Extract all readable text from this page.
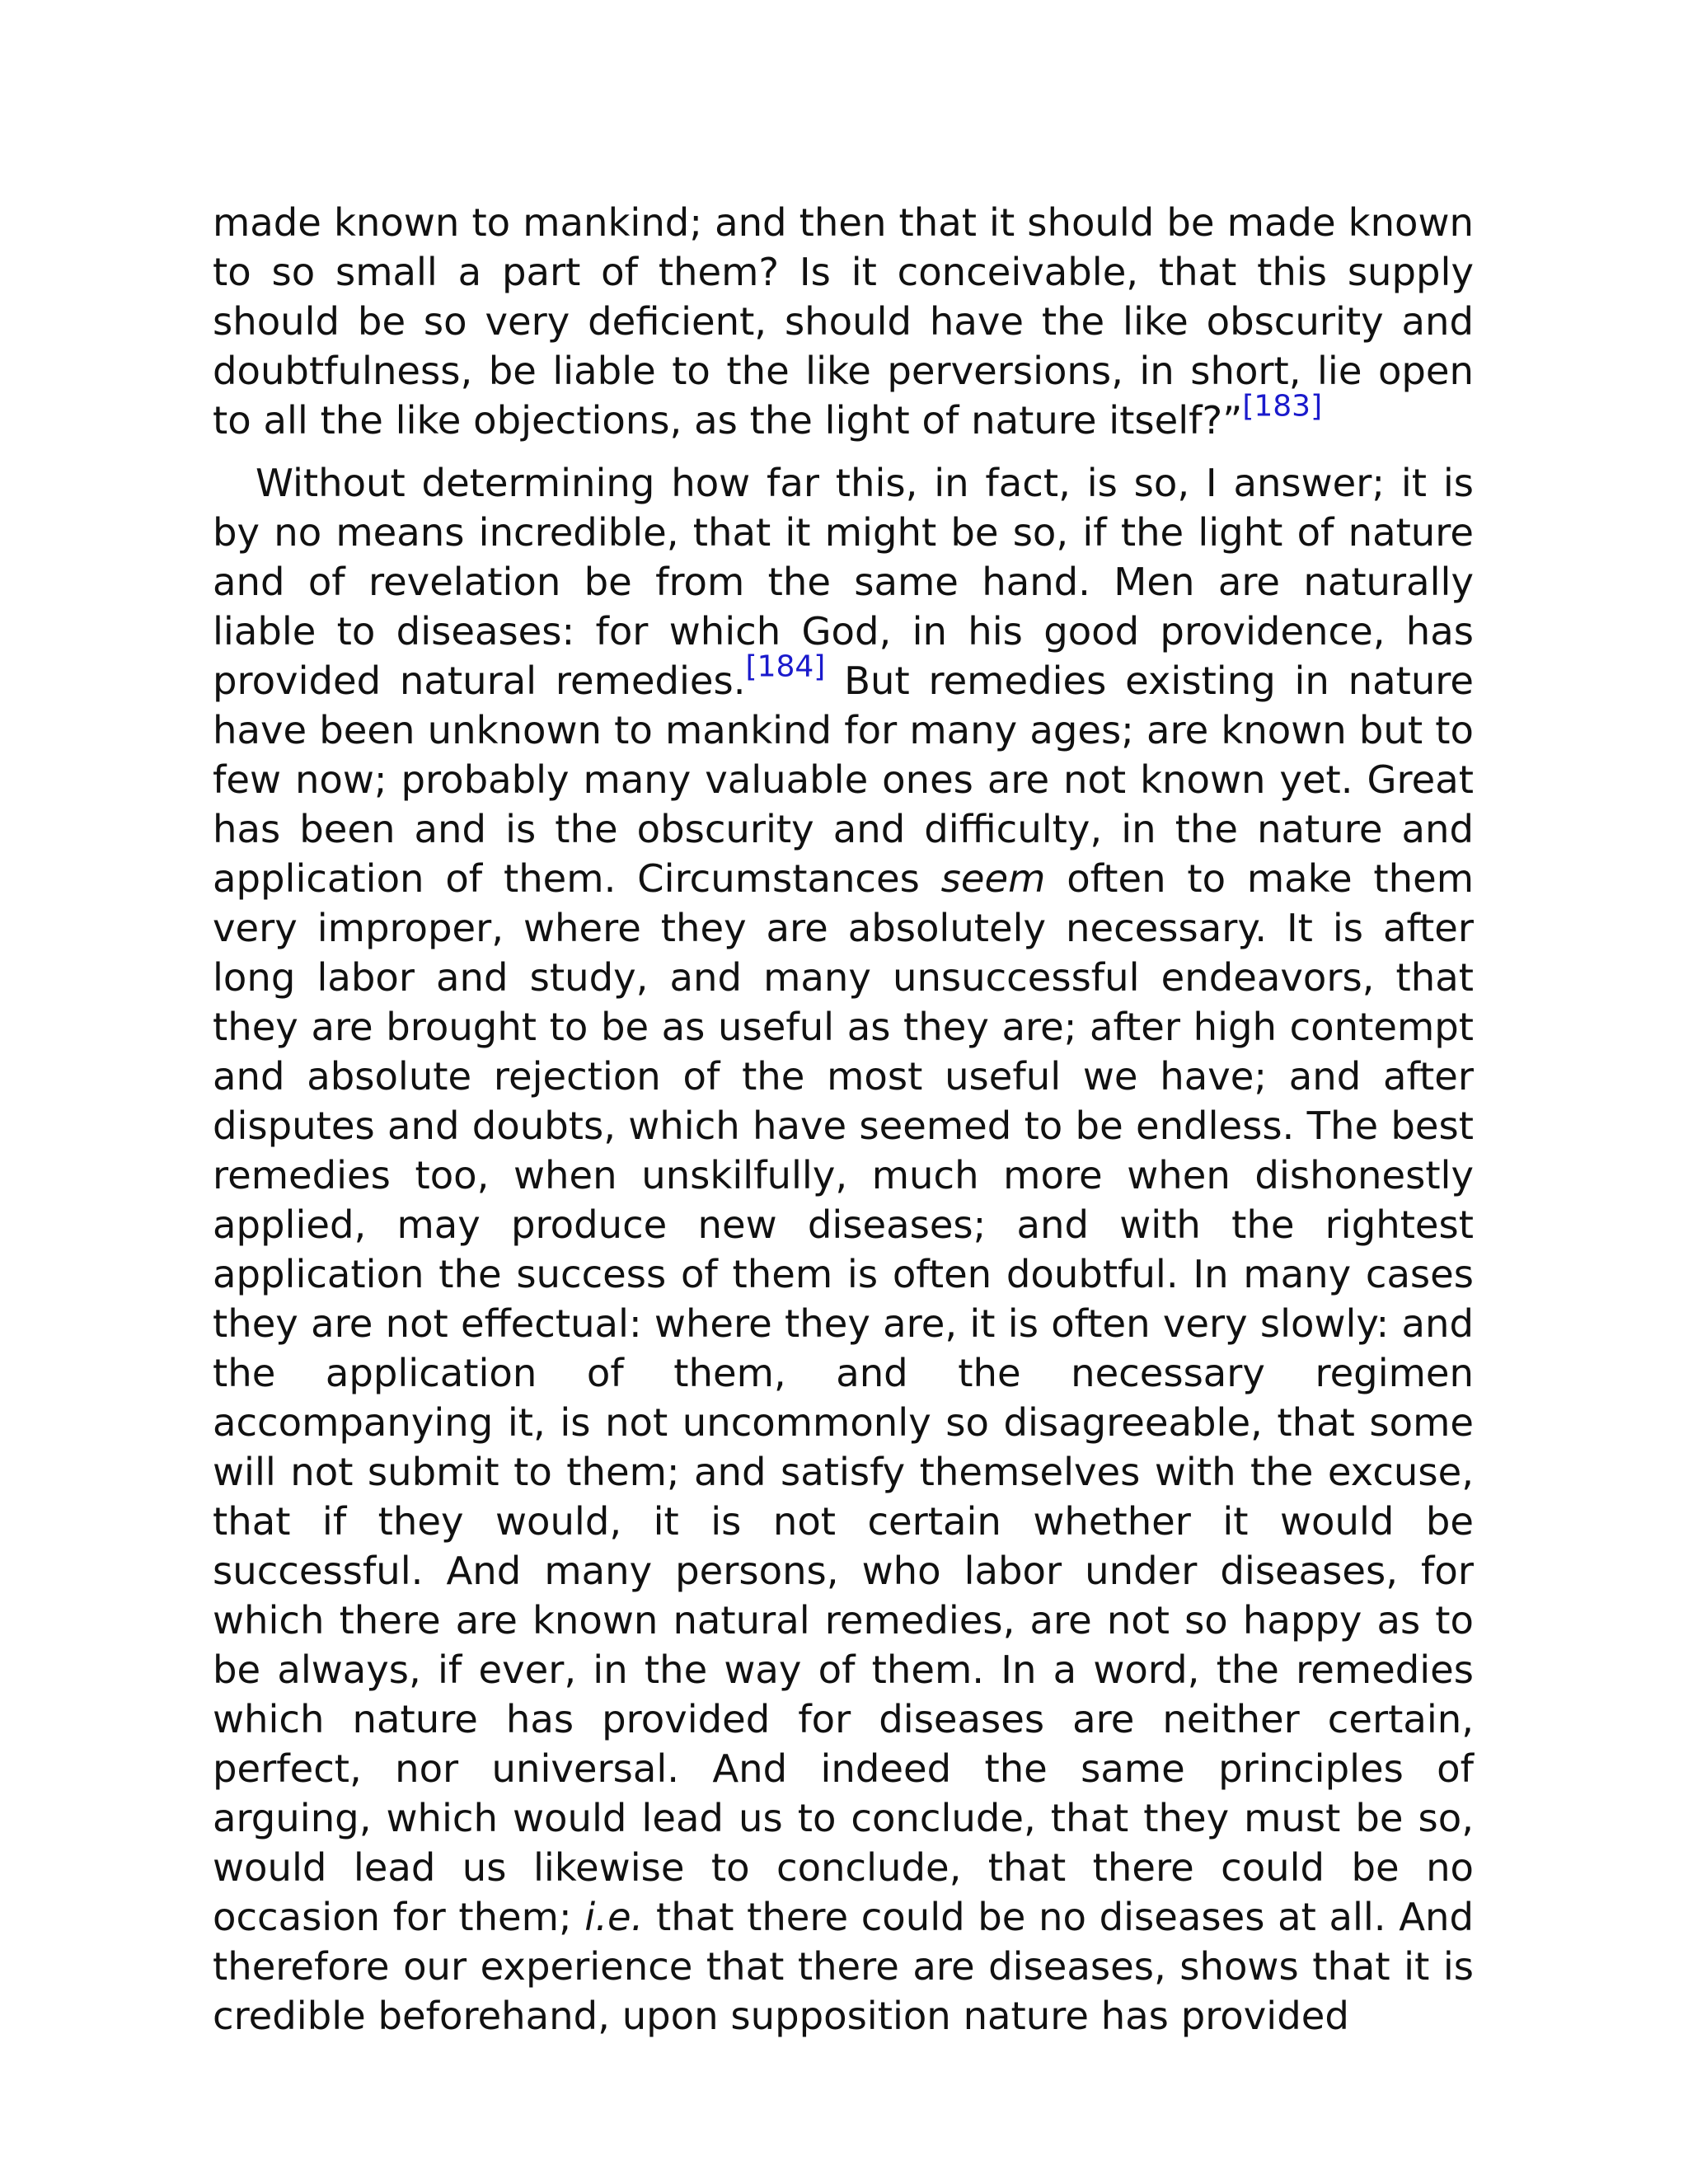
made known to mankind; and then that it should be made known to so small a part of them? Is it conceivable, that this supply should be so very deficient, should have the like obscurity and doubtfulness, be liable to the like perversions, in short, lie open to all the like objections, as the light of nature itself?”[183]

Without determining how far this, in fact, is so, I answer; it is by no means incredible, that it might be so, if the light of nature and of revelation be from the same hand. Men are naturally liable to diseases: for which God, in his good providence, has provided natural remedies.[184] But remedies existing in nature have been unknown to mankind for many ages; are known but to few now; probably many valuable ones are not known yet. Great has been and is the obscurity and difficulty, in the nature and application of them. Circumstances seem often to make them very improper, where they are absolutely necessary. It is after long labor and study, and many unsuccessful endeavors, that they are brought to be as useful as they are; after high contempt and absolute rejection of the most useful we have; and after disputes and doubts, which have seemed to be endless. The best remedies too, when unskilfully, much more when dishonestly applied, may produce new diseases; and with the rightest application the success of them is often doubtful. In many cases they are not effectual: where they are, it is often very slowly: and the application of them, and the necessary regimen accompanying it, is not uncommonly so disagreeable, that some will not submit to them; and satisfy themselves with the excuse, that if they would, it is not certain whether it would be successful. And many persons, who labor under diseases, for which there are known natural remedies, are not so happy as to be always, if ever, in the way of them. In a word, the remedies which nature has provided for diseases are neither certain, perfect, nor universal. And indeed the same principles of arguing, which would lead us to conclude, that they must be so, would lead us likewise to conclude, that there could be no occasion for them; i.e. that there could be no diseases at all. And therefore our experience that there are diseases, shows that it is credible beforehand, upon supposition nature has provided
